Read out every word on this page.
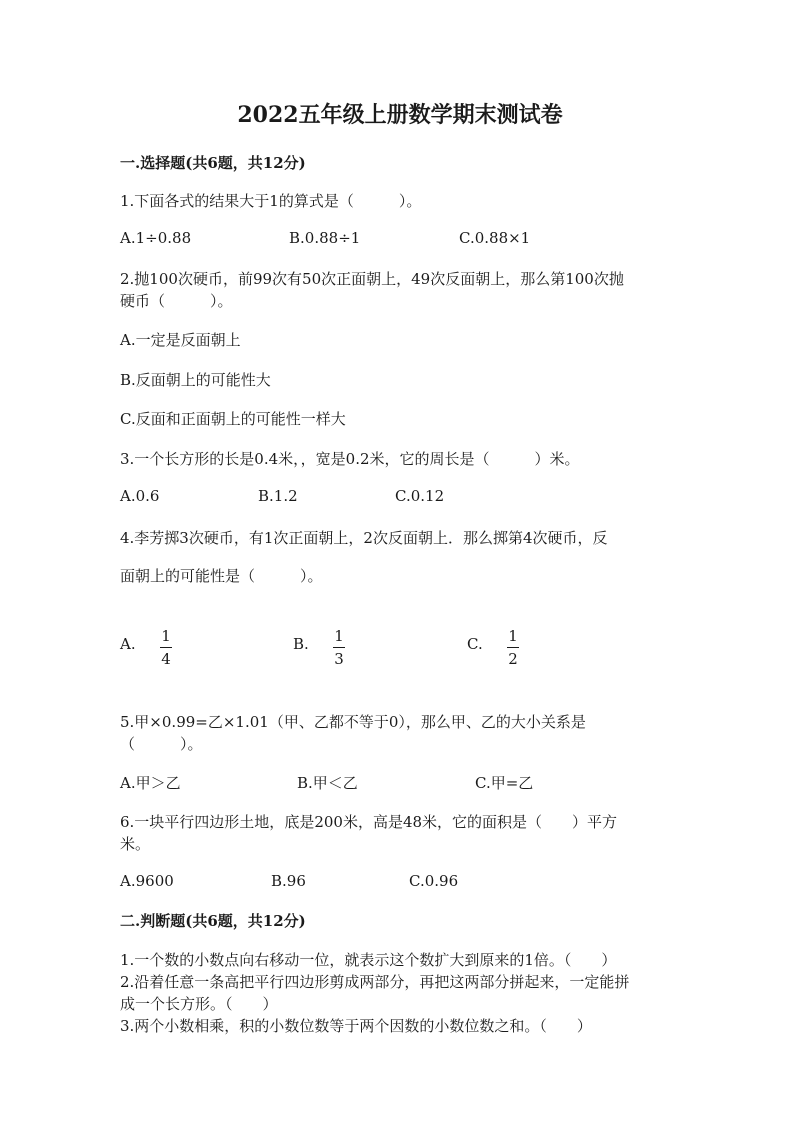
2022五年级上册数学期末测试卷
一.选择题(共6题，共12分)
1.下面各式的结果大于1的算式是（　　　）。
A.1÷0.88	B.0.88÷1	C.0.88×1
2.抛100次硬币，前99次有50次正面朝上，49次反面朝上，那么第100次抛
硬币（　　　）。
A.一定是反面朝上
B.反面朝上的可能性大
C.反面和正面朝上的可能性一样大
3.一个长方形的长是0.4米，，宽是0.2米，它的周长是（　　　）米。
A.0.6	B.1.2	C.0.12
4.李芳掷3次硬币，有1次正面朝上，2次反面朝上．那么掷第4次硬币，反
面朝上的可能性是（　　　）。
A. 1
4
B. 1
3
C. 1
2
5.甲×0.99=乙×1.01（甲、乙都不等于0），那么甲、乙的大小关系是
（　　　）。
A.甲＞乙	B.甲＜乙	C.甲=乙
6.一块平行四边形土地，底是200米，高是48米，它的面积是（　　）平方
米。
A.9600	B.96	C.0.96
二.判断题(共6题，共12分)
1.一个数的小数点向右移动一位，就表示这个数扩大到原来的1倍。（　　）
2.沿着任意一条高把平行四边形剪成两部分，再把这两部分拼起来，一定能拼
成一个长方形。（　　）
3.两个小数相乘，积的小数位数等于两个因数的小数位数之和。（　　）
